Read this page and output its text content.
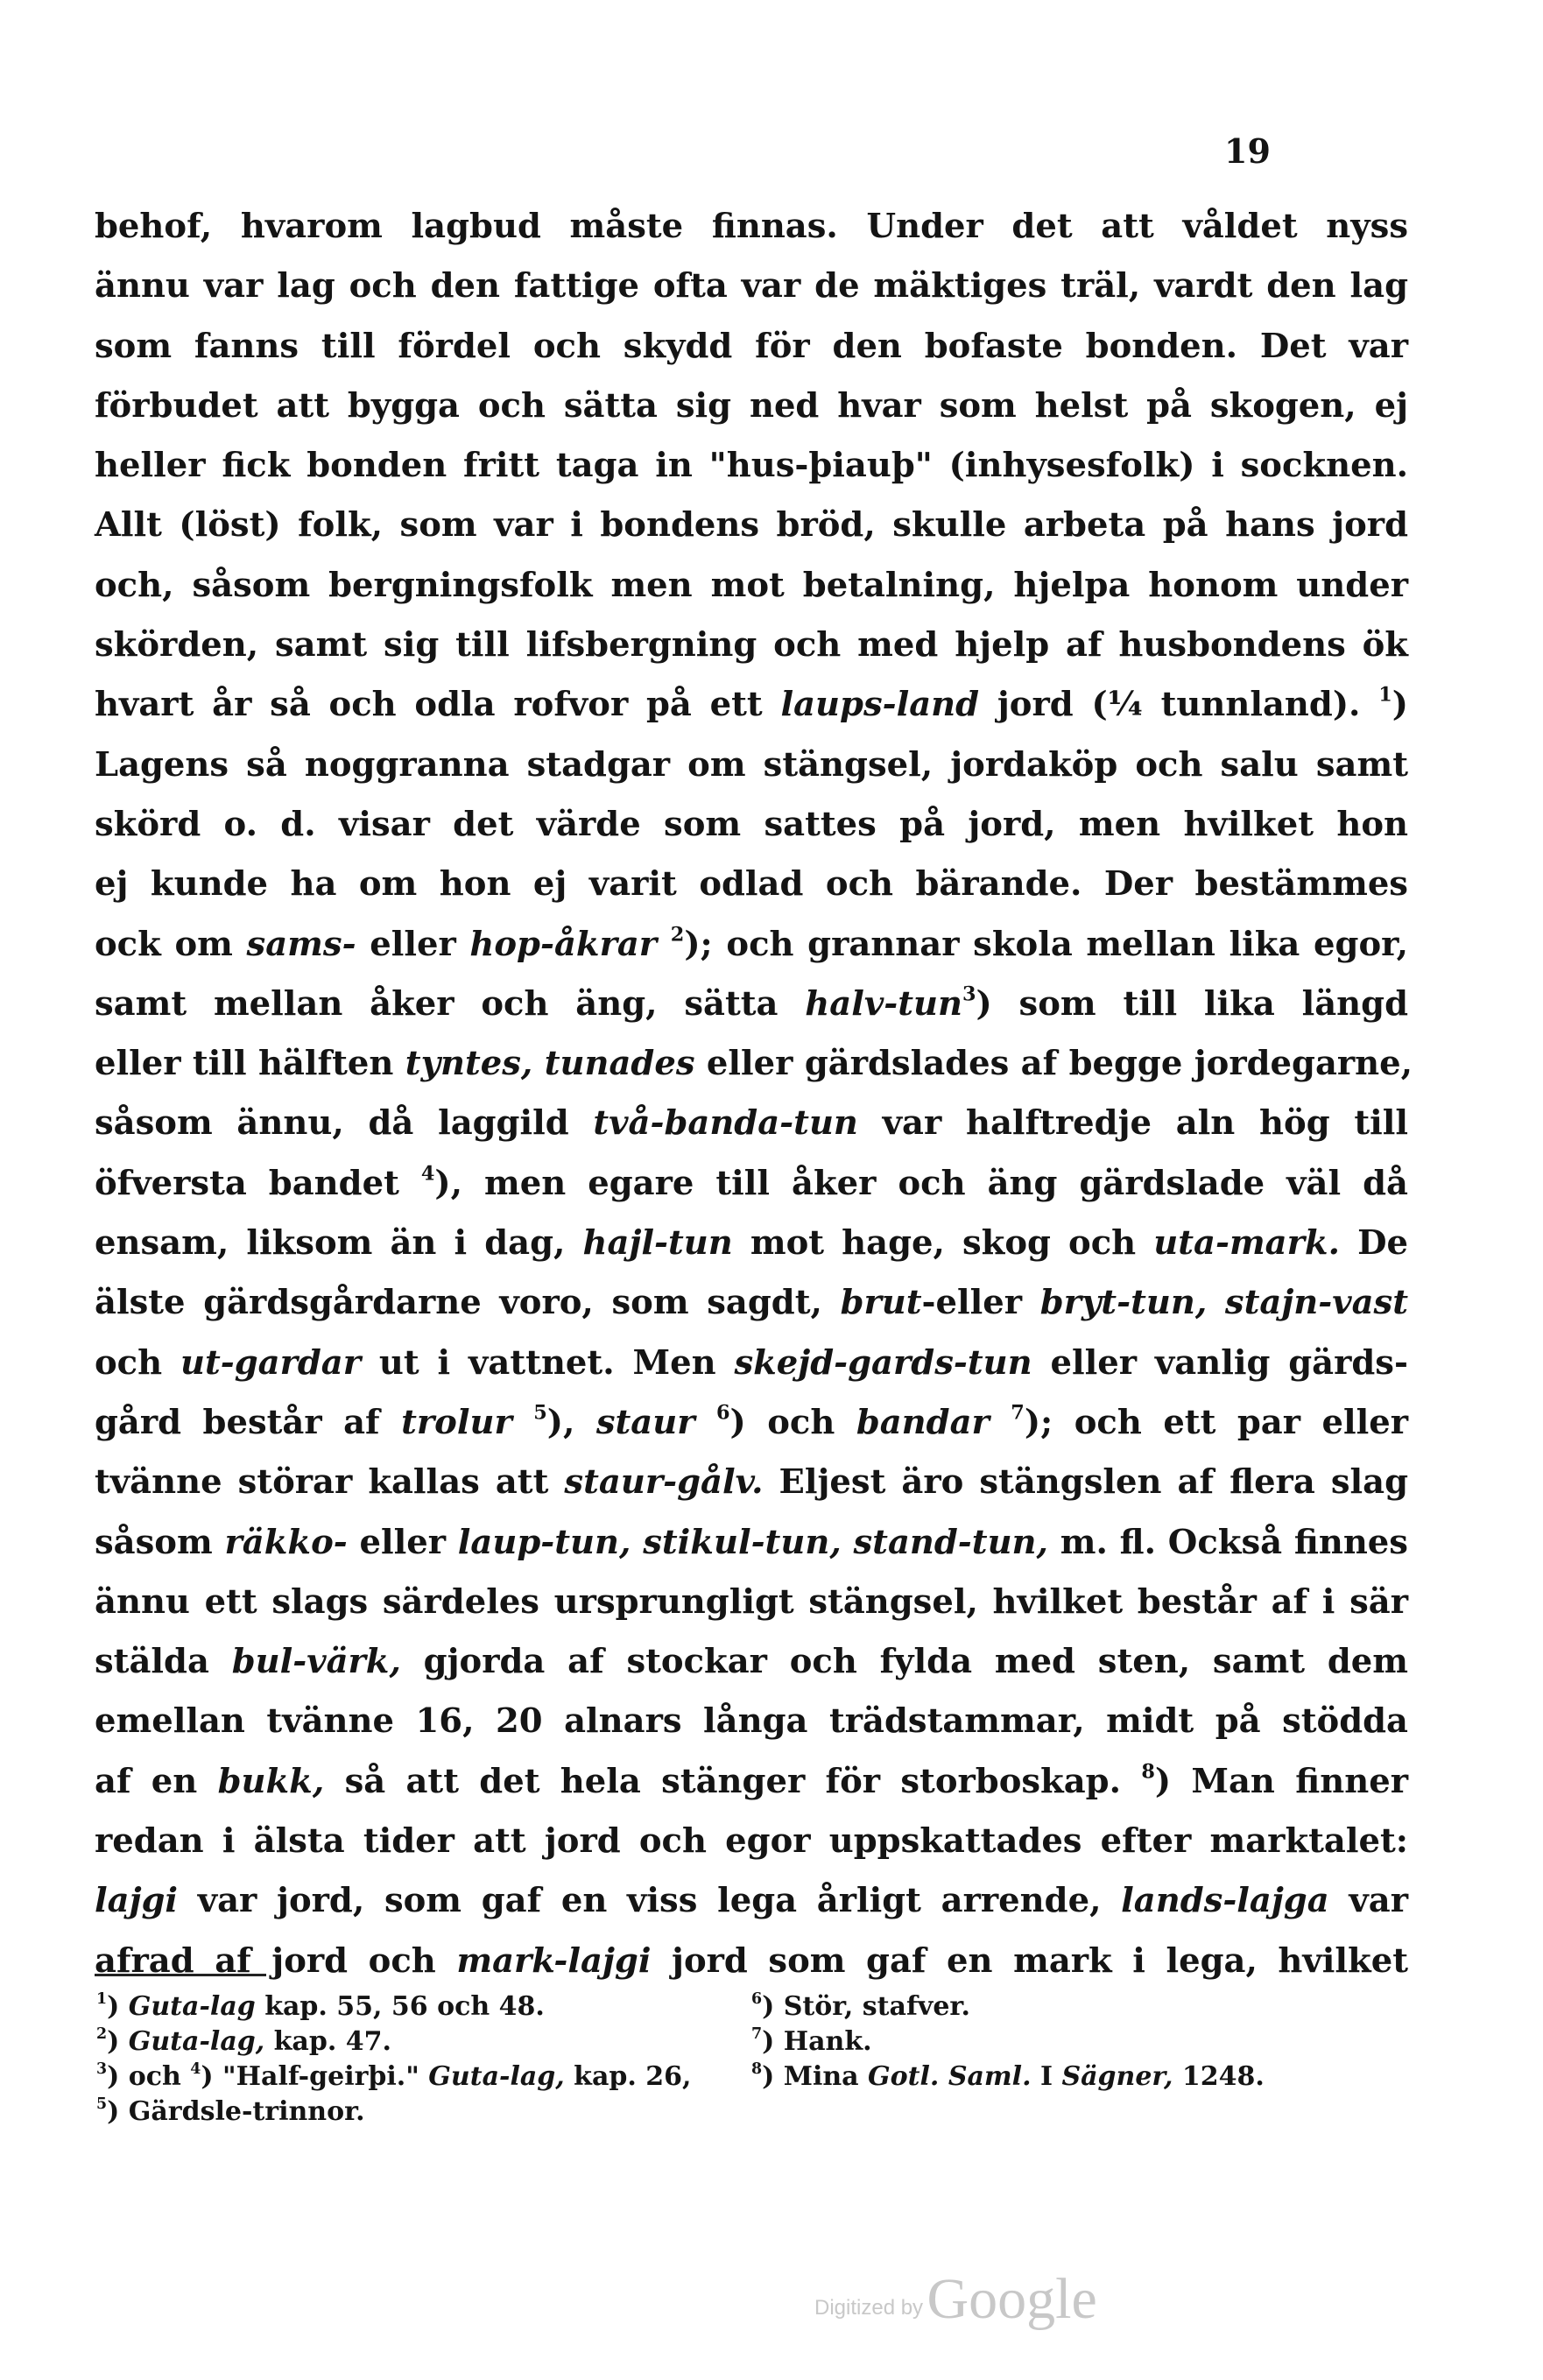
19
behof, hvarom lagbud måste finnas. Under det att våldet nyss
ännu var lag och den fattige ofta var de mäktiges träl, vardt den lag
som fanns till fördel och skydd för den bofaste bonden. Det var
förbudet att bygga och sätta sig ned hvar som helst på skogen, ej
heller fick bonden fritt taga in "hus-þiauþ" (inhysesfolk) i socknen.
Allt (löst) folk, som var i bondens bröd, skulle arbeta på hans jord
och, såsom bergningsfolk men mot betalning, hjelpa honom under
skörden, samt sig till lifsbergning och med hjelp af husbondens ök
hvart år så och odla rofvor på ett laups-land jord (¼ tunnland). $^1$)
Lagens så noggranna stadgar om stängsel, jordaköp och salu samt
skörd o. d. visar det värde som sattes på jord, men hvilket hon
ej kunde ha om hon ej varit odlad och bärande. Der bestämmes
ock om sams- eller hop-åkrar $^2$); och grannar skola mellan lika egor,
samt mellan åker och äng, sätta halv-tun$^3$) som till lika längd
eller till hälften tyntes, tunades eller gärdslades af begge jordegarne,
såsom ännu, då laggild två-banda-tun var halftredje aln hög till
öfversta bandet $^4$), men egare till åker och äng gärdslade väl då
ensam, liksom än i dag, hajl-tun mot hage, skog och uta-mark. De
älste gärdsgårdarne voro, som sagdt, brut-eller bryt-tun, stajn-vast
och ut-gardar ut i vattnet. Men skejd-gards-tun eller vanlig gärds-
gård består af trolur $^5$), staur $^6$) och bandar $^7$); och ett par eller
tvänne störar kallas att staur-gålv. Eljest äro stängslen af flera slag
såsom räkko- eller laup-tun, stikul-tun, stand-tun, m. fl. Också finnes
ännu ett slags särdeles ursprungligt stängsel, hvilket består af i sär
stälda bul-värk, gjorda af stockar och fylda med sten, samt dem
emellan tvänne 16, 20 alnars långa trädstammar, midt på stödda
af en bukk, så att det hela stänger för storboskap. $^8$) Man finner
redan i älsta tider att jord och egor uppskattades efter marktalet:
lajgi var jord, som gaf en viss lega årligt arrende, lands-lajga var
afrad af jord och mark-lajgi jord som gaf en mark i lega, hvilket
$^1$) Guta-lag kap. 55, 56 och 48.
$^2$) Guta-lag, kap. 47.
$^3$) och $^4$) "Half-geirþi." Guta-lag, kap. 26,
$^5$) Gärdsle-trinnor.
$^6$) Stör, stafver.
$^7$) Hank.
$^8$) Mina Gotl. Saml. I Sägner, 1248.
Digitized by Google
